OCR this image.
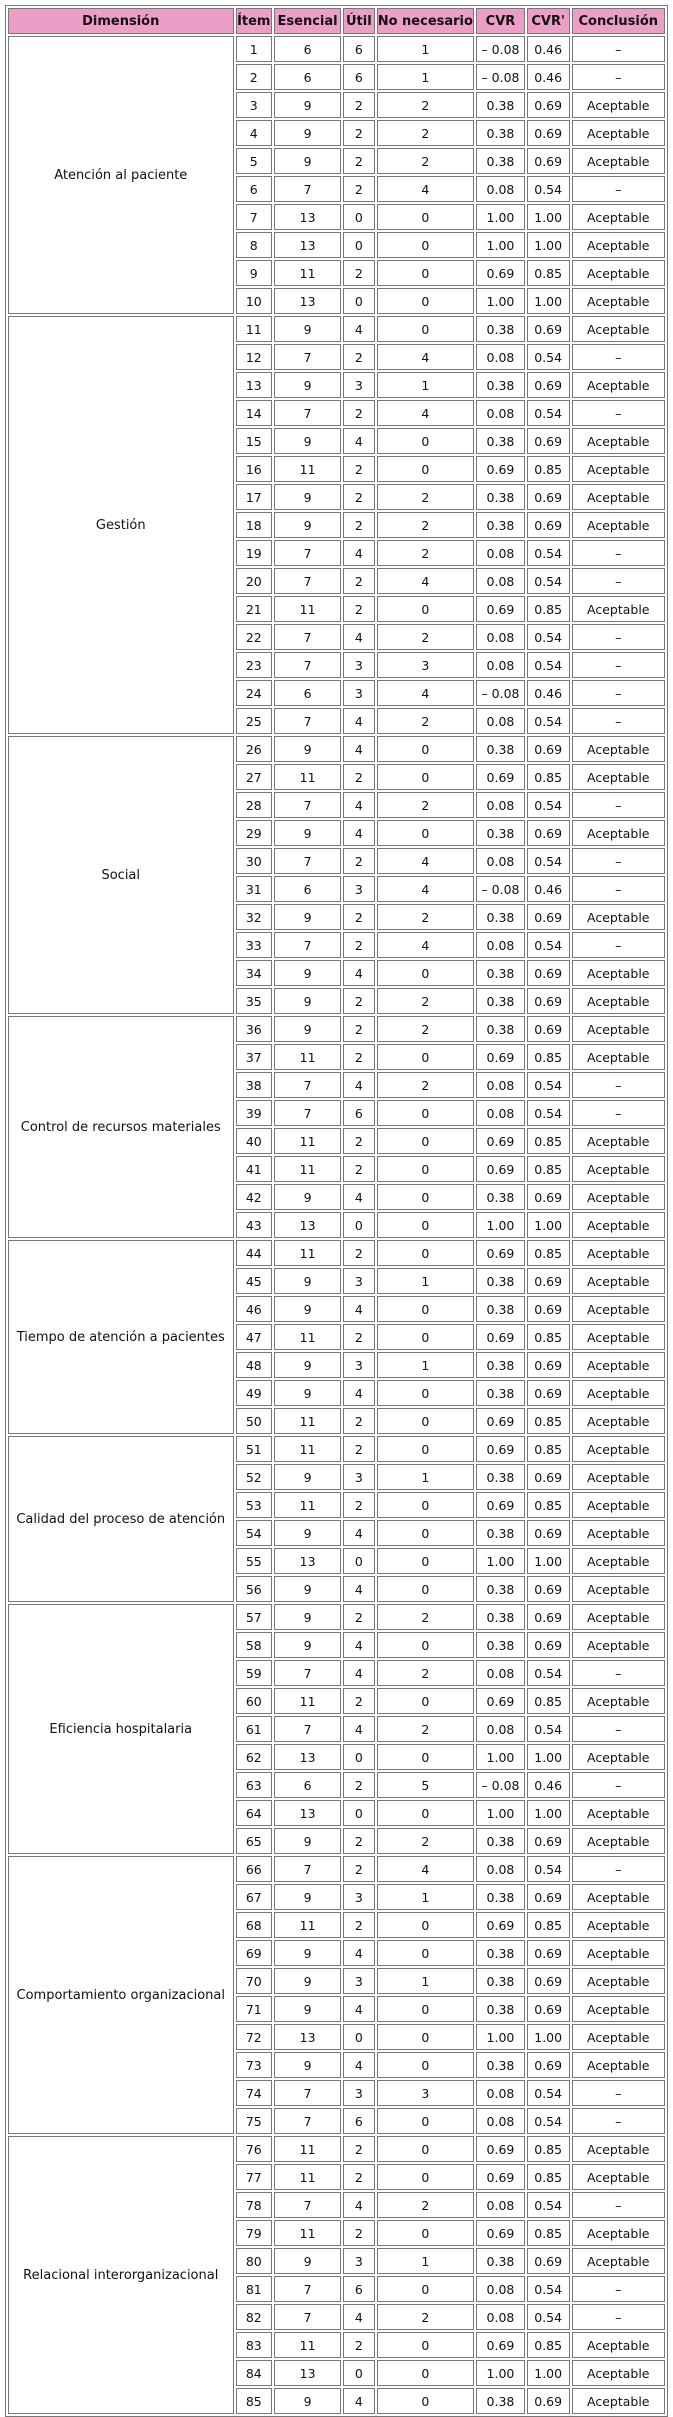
Dimensión	Ítem	Esencial	Útil	No necesario	CVR	CVR'	Conclusión
Atención al paciente	1	6	6	1	– 0.08	0.46	–
	2	6	6	1	– 0.08	0.46	–
	3	9	2	2	0.38	0.69	Aceptable
	4	9	2	2	0.38	0.69	Aceptable
	5	9	2	2	0.38	0.69	Aceptable
	6	7	2	4	0.08	0.54	–
	7	13	0	0	1.00	1.00	Aceptable
	8	13	0	0	1.00	1.00	Aceptable
	9	11	2	0	0.69	0.85	Aceptable
	10	13	0	0	1.00	1.00	Aceptable
Gestión	11	9	4	0	0.38	0.69	Aceptable
	12	7	2	4	0.08	0.54	–
	13	9	3	1	0.38	0.69	Aceptable
	14	7	2	4	0.08	0.54	–
	15	9	4	0	0.38	0.69	Aceptable
	16	11	2	0	0.69	0.85	Aceptable
	17	9	2	2	0.38	0.69	Aceptable
	18	9	2	2	0.38	0.69	Aceptable
	19	7	4	2	0.08	0.54	–
	20	7	2	4	0.08	0.54	–
	21	11	2	0	0.69	0.85	Aceptable
	22	7	4	2	0.08	0.54	–
	23	7	3	3	0.08	0.54	–
	24	6	3	4	– 0.08	0.46	–
	25	7	4	2	0.08	0.54	–
Social	26	9	4	0	0.38	0.69	Aceptable
	27	11	2	0	0.69	0.85	Aceptable
	28	7	4	2	0.08	0.54	–
	29	9	4	0	0.38	0.69	Aceptable
	30	7	2	4	0.08	0.54	–
	31	6	3	4	– 0.08	0.46	–
	32	9	2	2	0.38	0.69	Aceptable
	33	7	2	4	0.08	0.54	–
	34	9	4	0	0.38	0.69	Aceptable
	35	9	2	2	0.38	0.69	Aceptable
Control de recursos materiales	36	9	2	2	0.38	0.69	Aceptable
	37	11	2	0	0.69	0.85	Aceptable
	38	7	4	2	0.08	0.54	–
	39	7	6	0	0.08	0.54	–
	40	11	2	0	0.69	0.85	Aceptable
	41	11	2	0	0.69	0.85	Aceptable
	42	9	4	0	0.38	0.69	Aceptable
	43	13	0	0	1.00	1.00	Aceptable
Tiempo de atención a pacientes	44	11	2	0	0.69	0.85	Aceptable
	45	9	3	1	0.38	0.69	Aceptable
	46	9	4	0	0.38	0.69	Aceptable
	47	11	2	0	0.69	0.85	Aceptable
	48	9	3	1	0.38	0.69	Aceptable
	49	9	4	0	0.38	0.69	Aceptable
	50	11	2	0	0.69	0.85	Aceptable
Calidad del proceso de atención	51	11	2	0	0.69	0.85	Aceptable
	52	9	3	1	0.38	0.69	Aceptable
	53	11	2	0	0.69	0.85	Aceptable
	54	9	4	0	0.38	0.69	Aceptable
	55	13	0	0	1.00	1.00	Aceptable
	56	9	4	0	0.38	0.69	Aceptable
Eficiencia hospitalaria	57	9	2	2	0.38	0.69	Aceptable
	58	9	4	0	0.38	0.69	Aceptable
	59	7	4	2	0.08	0.54	–
	60	11	2	0	0.69	0.85	Aceptable
	61	7	4	2	0.08	0.54	–
	62	13	0	0	1.00	1.00	Aceptable
	63	6	2	5	– 0.08	0.46	–
	64	13	0	0	1.00	1.00	Aceptable
	65	9	2	2	0.38	0.69	Aceptable
Comportamiento organizacional	66	7	2	4	0.08	0.54	–
	67	9	3	1	0.38	0.69	Aceptable
	68	11	2	0	0.69	0.85	Aceptable
	69	9	4	0	0.38	0.69	Aceptable
	70	9	3	1	0.38	0.69	Aceptable
	71	9	4	0	0.38	0.69	Aceptable
	72	13	0	0	1.00	1.00	Aceptable
	73	9	4	0	0.38	0.69	Aceptable
	74	7	3	3	0.08	0.54	–
	75	7	6	0	0.08	0.54	–
Relacional interorganizacional	76	11	2	0	0.69	0.85	Aceptable
	77	11	2	0	0.69	0.85	Aceptable
	78	7	4	2	0.08	0.54	–
	79	11	2	0	0.69	0.85	Aceptable
	80	9	3	1	0.38	0.69	Aceptable
	81	7	6	0	0.08	0.54	–
	82	7	4	2	0.08	0.54	–
	83	11	2	0	0.69	0.85	Aceptable
	84	13	0	0	1.00	1.00	Aceptable
	85	9	4	0	0.38	0.69	Aceptable
